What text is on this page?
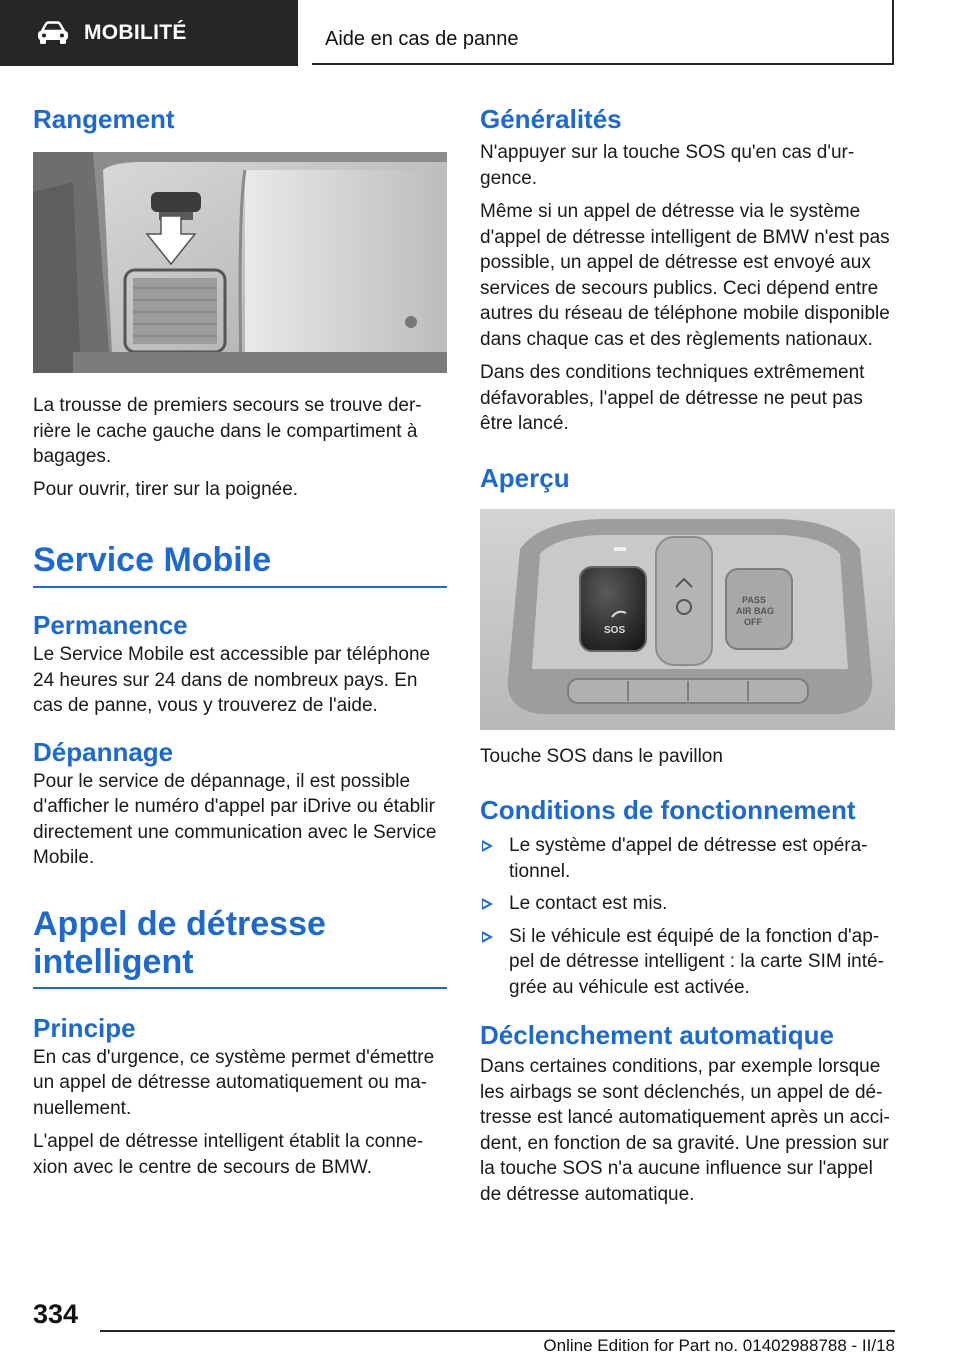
MOBILITÉ	Aide en cas de panne
Rangement

La trousse de premiers secours se trouve der-rière le cache gauche dans le compartiment à bagages.

Pour ouvrir, tirer sur la poignée.

Service Mobile
Permanence

Le Service Mobile est accessible par téléphone 24 heures sur 24 dans de nombreux pays. En cas de panne, vous y trouverez de l'aide.

Dépannage

Pour le service de dépannage, il est possible d'afficher le numéro d'appel par iDrive ou établir directement une communication avec le Service Mobile.

Appel de détresse
intelligent
Principe

En cas d'urgence, ce système permet d'émettre un appel de détresse automatiquement ou ma-nuellement.

L'appel de détresse intelligent établit la conne-xion avec le centre de secours de BMW.

Généralités

N'appuyer sur la touche SOS qu'en cas d'ur-gence.

Même si un appel de détresse via le système d'appel de détresse intelligent de BMW n'est pas possible, un appel de détresse est envoyé aux services de secours publics. Ceci dépend entre autres du réseau de téléphone mobile disponible dans chaque cas et des règlements nationaux.

Dans des conditions techniques extrêmement défavorables, l'appel de détresse ne peut pas être lancé.

Aperçu
SOS
PASS
AIR BAG
OFF

Touche SOS dans le pavillon

Conditions de fonctionnement
Le système d'appel de détresse est opéra-tionnel.
Le contact est mis.
Si le véhicule est équipé de la fonction d'ap-pel de détresse intelligent : la carte SIM inté-grée au véhicule est activée.
Déclenchement automatique

Dans certaines conditions, par exemple lorsque les airbags se sont déclenchés, un appel de dé-tresse est lancé automatiquement après un acci-dent, en fonction de sa gravité. Une pression sur la touche SOS n'a aucune influence sur l'appel de détresse automatique.

334
Online Edition for Part no. 01402988788 - II/18
